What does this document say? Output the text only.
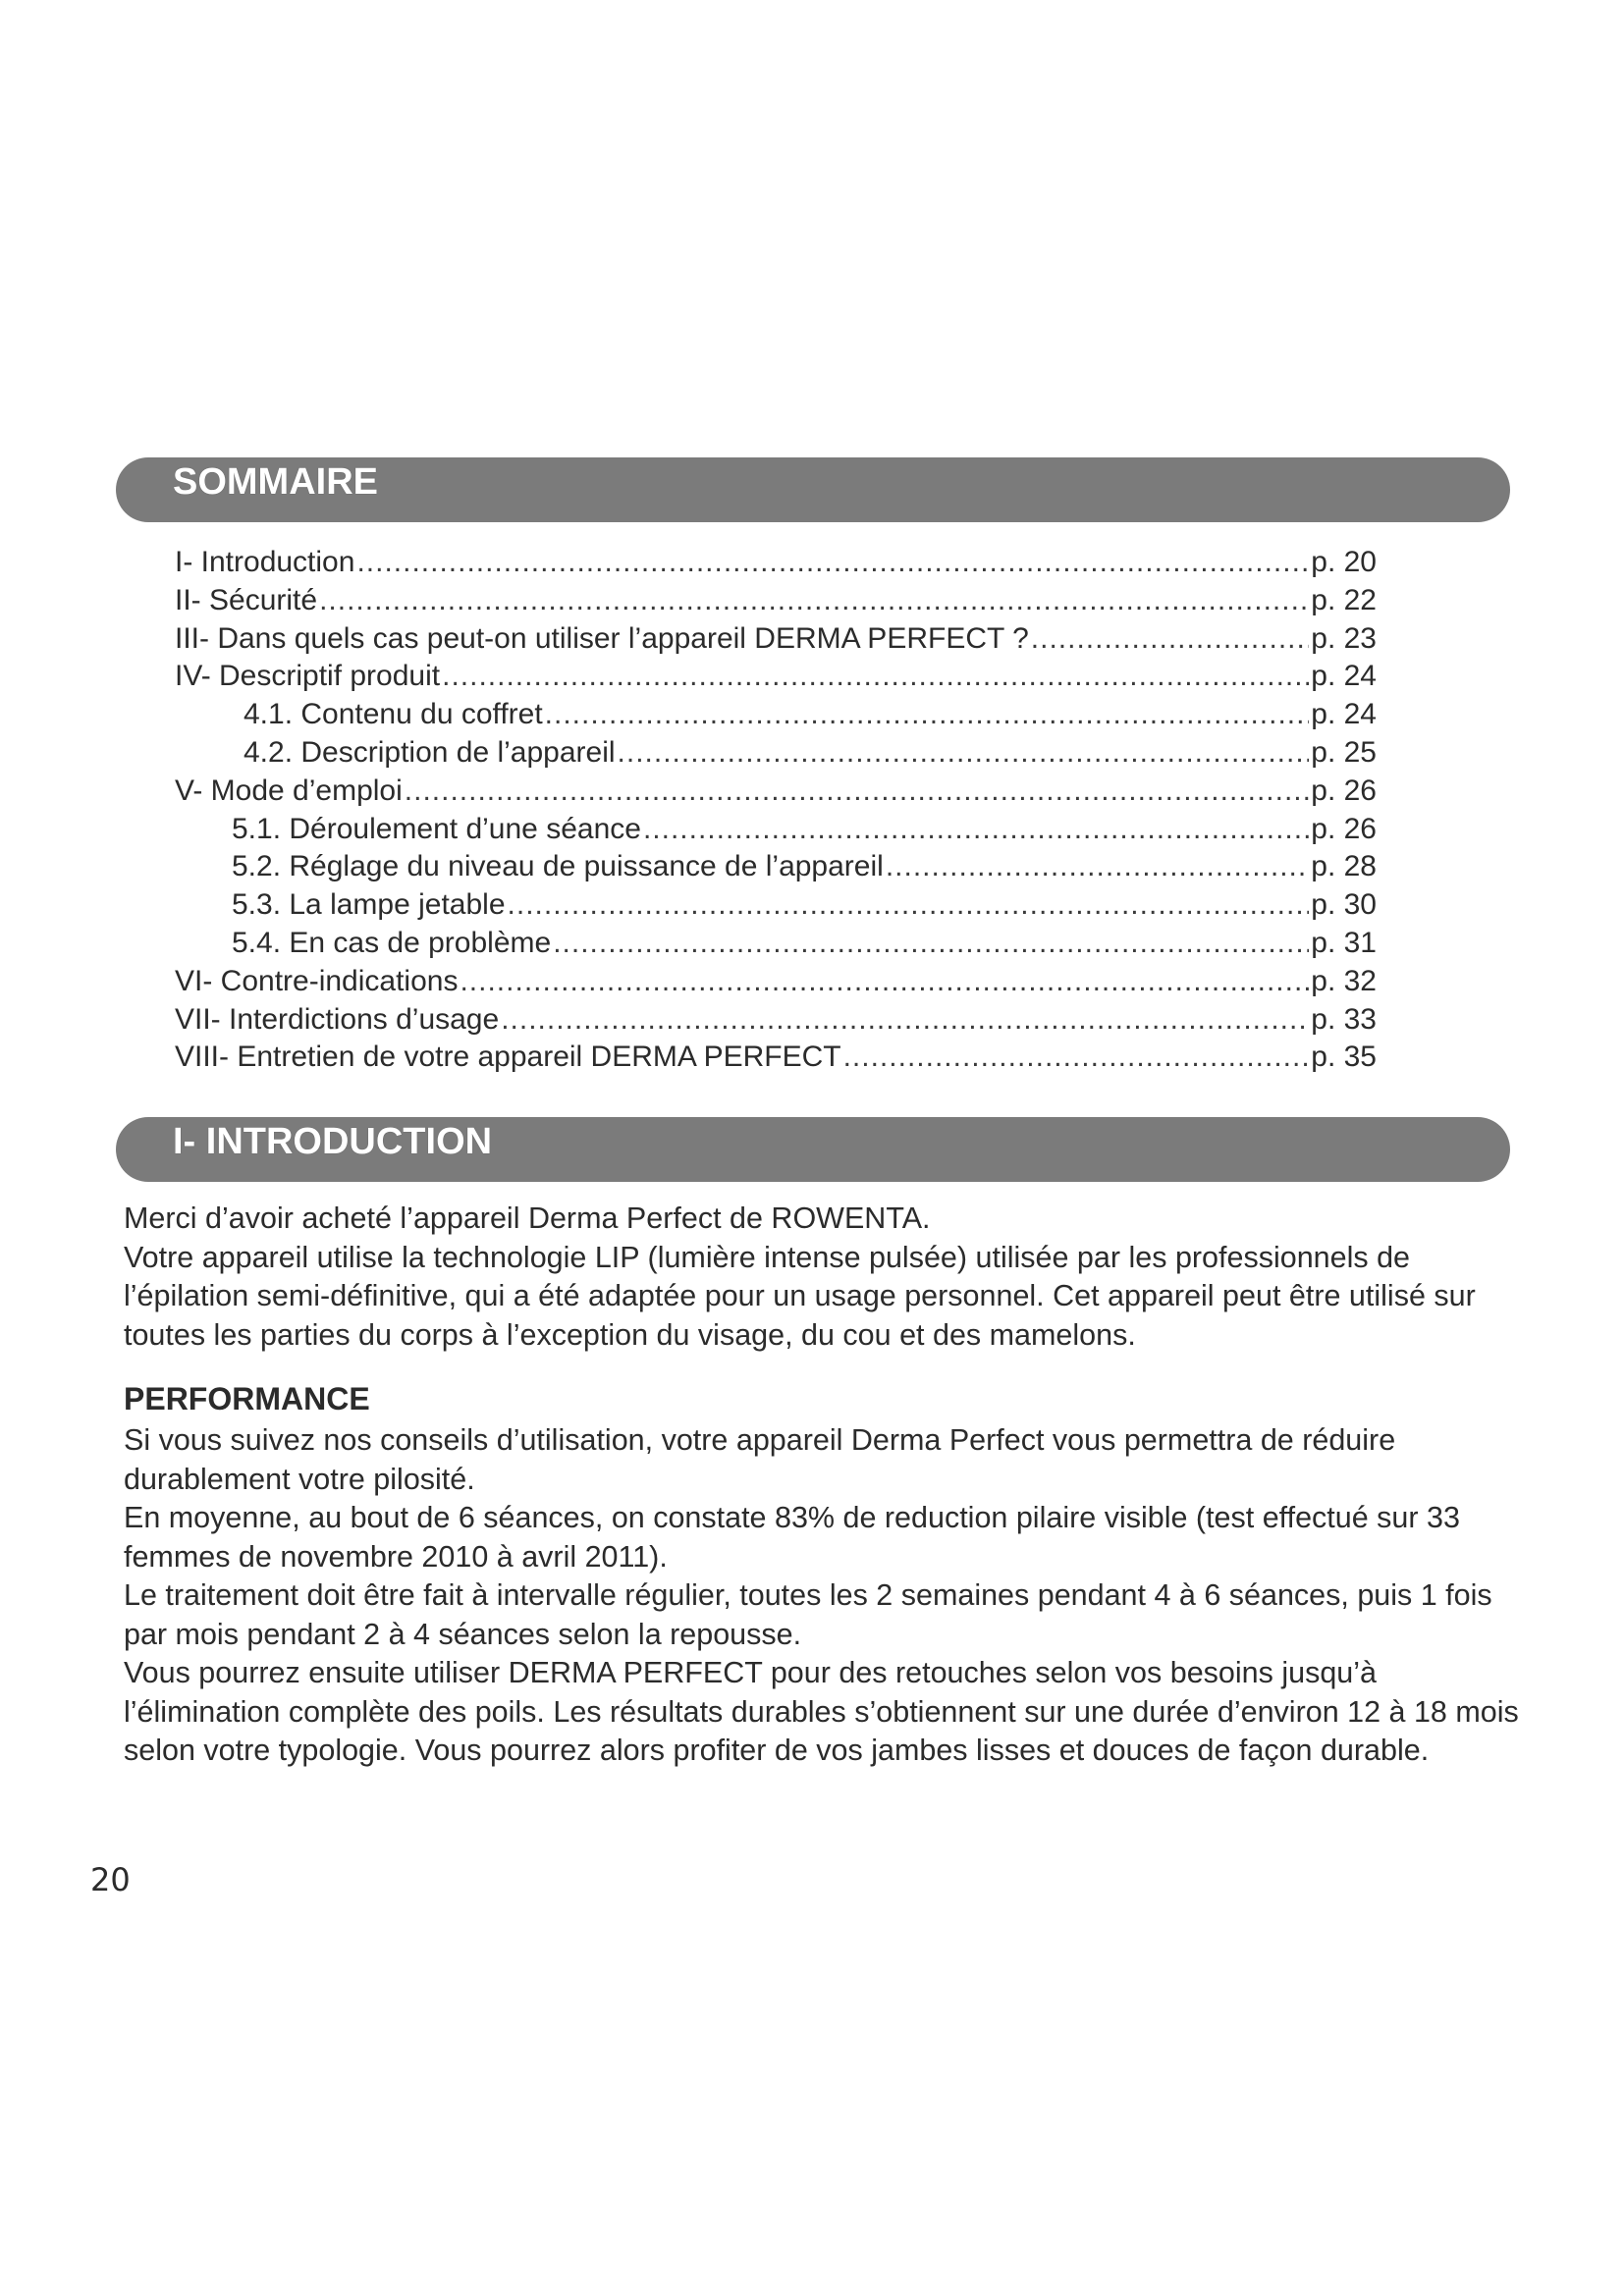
SOMMAIRE
I- Introduction .....	p. 20
II- Sécurité .....	p. 22
III- Dans quels cas peut-on utiliser l’appareil DERMA PERFECT ? .....	p. 23
IV- Descriptif produit .....	p. 24
4.1. Contenu du coffret .....	p. 24
4.2. Description de l’appareil .....	p. 25
V- Mode d’emploi .....	p. 26
5.1. Déroulement d’une séance .....	p. 26
5.2. Réglage du niveau de puissance de l’appareil .....	p. 28
5.3. La lampe jetable .....	p. 30
5.4. En cas de problème .....	p. 31
VI- Contre-indications .....	p. 32
VII- Interdictions d’usage .....	p. 33
VIII- Entretien de votre appareil DERMA PERFECT .....	p. 35
I- INTRODUCTION

Merci d’avoir acheté l’appareil Derma Perfect de ROWENTA.

Votre appareil utilise la technologie LIP (lumière intense pulsée) utilisée par les professionnels de l’épilation semi-définitive, qui a été adaptée pour un usage personnel. Cet appareil peut être utilisé sur toutes les parties du corps à l’exception du visage, du cou et des mamelons.

PERFORMANCE

Si vous suivez nos conseils d’utilisation, votre appareil Derma Perfect vous permettra de réduire durablement votre pilosité.

En moyenne, au bout de 6 séances, on constate 83% de reduction pilaire visible (test effectué sur 33 femmes de novembre 2010 à avril 2011).

Le traitement doit être fait à intervalle régulier, toutes les 2 semaines pendant 4 à 6 séances, puis 1 fois par mois pendant 2 à 4 séances selon la repousse.

Vous pourrez ensuite utiliser DERMA PERFECT pour des retouches selon vos besoins jusqu’à l’élimination complète des poils. Les résultats durables s’obtiennent sur une durée d’environ 12 à 18 mois selon votre typologie. Vous pourrez alors profiter de vos jambes lisses et douces de façon durable.

20
